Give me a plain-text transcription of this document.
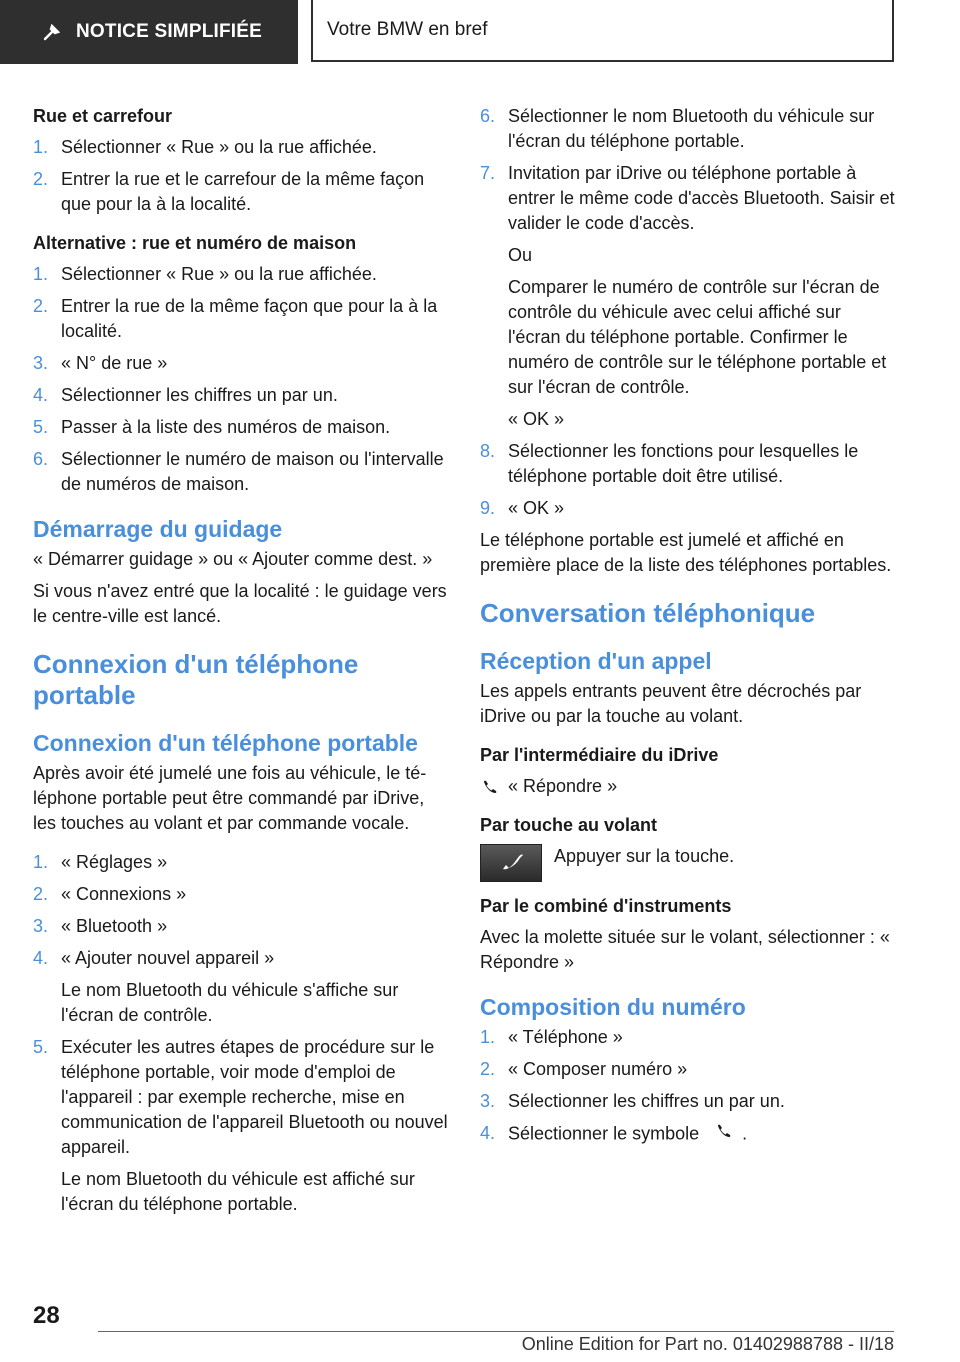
NOTICE SIMPLIFIÉE	Votre BMW en bref
Rue et carrefour
1. Sélectionner « Rue » ou la rue affichée.
2. Entrer la rue et le carrefour de la même façon que pour la à la localité.
Alternative : rue et numéro de maison
1. Sélectionner « Rue » ou la rue affichée.
2. Entrer la rue de la même façon que pour la à la localité.
3. « N° de rue »
4. Sélectionner les chiffres un par un.
5. Passer à la liste des numéros de maison.
6. Sélectionner le numéro de maison ou l'intervalle de numéros de maison.
Démarrage du guidage

« Démarrer guidage » ou « Ajouter comme dest. »

Si vous n'avez entré que la localité : le guidage vers le centre-ville est lancé.

Connexion d'un téléphone portable
Connexion d'un téléphone portable

Après avoir été jumelé une fois au véhicule, le téléphone portable peut être commandé par iDrive, les touches au volant et par commande vocale.

1. « Réglages »
2. « Connexions »
3. « Bluetooth »
4. « Ajouter nouvel appareil »

Le nom Bluetooth du véhicule s'affiche sur l'écran de contrôle.

5. Exécuter les autres étapes de procédure sur le téléphone portable, voir mode d'emploi de l'appareil : par exemple recherche, mise en communication de l'appareil Bluetooth ou nouvel appareil.

Le nom Bluetooth du véhicule est affiché sur l'écran du téléphone portable.

6. Sélectionner le nom Bluetooth du véhicule sur l'écran du téléphone portable.
7. Invitation par iDrive ou téléphone portable à entrer le même code d'accès Bluetooth. Saisir et valider le code d'accès.

Ou

Comparer le numéro de contrôle sur l'écran de contrôle du véhicule avec celui affiché sur l'écran du téléphone portable. Confirmer le numéro de contrôle sur le téléphone portable et sur l'écran de contrôle.

« OK »

8. Sélectionner les fonctions pour lesquelles le téléphone portable doit être utilisé.
9. « OK »

Le téléphone portable est jumelé et affiché en première place de la liste des téléphones portables.

Conversation téléphonique
Réception d'un appel

Les appels entrants peuvent être décrochés par iDrive ou par la touche au volant.

Par l'intermédiaire du iDrive
« Répondre »
Par touche au volant
Appuyer sur la touche.
Par le combiné d'instruments

Avec la molette située sur le volant, sélectionner : « Répondre »

Composition du numéro
1. « Téléphone »
2. « Composer numéro »
3. Sélectionner les chiffres un par un.
4. Sélectionner le symbole .
28
Online Edition for Part no. 01402988788 - II/18
